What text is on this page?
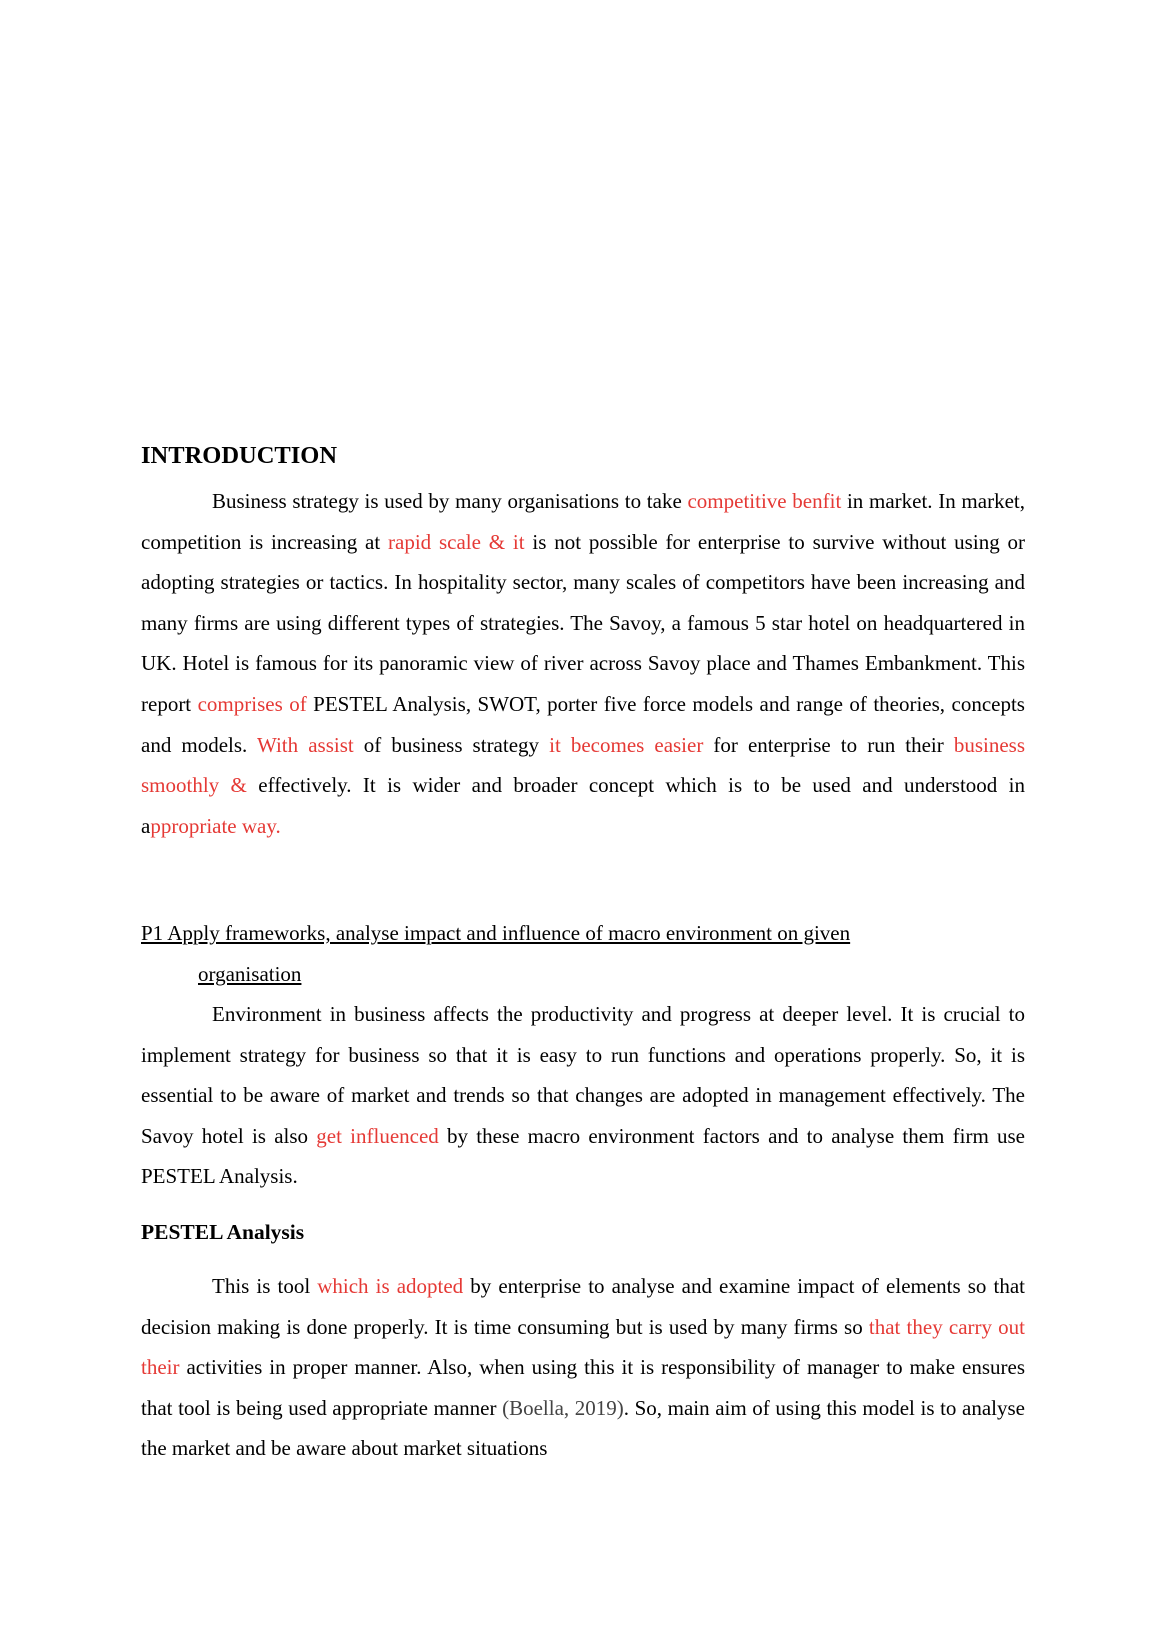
INTRODUCTION

Business strategy is used by many organisations to take competitive benfit in market. In market, competition is increasing at rapid scale & it is not possible for enterprise to survive without using or adopting strategies or tactics. In hospitality sector, many scales of competitors have been increasing and many firms are using different types of strategies. The Savoy, a famous 5 star hotel on headquartered in UK. Hotel is famous for its panoramic view of river across Savoy place and Thames Embankment. This report comprises of PESTEL Analysis, SWOT, porter five force models and range of theories, concepts and models. With assist of business strategy it becomes easier for enterprise to run their business smoothly & effectively. It is wider and broader concept which is to be used and understood in appropriate way.

P1 Apply frameworks, analyse impact and influence of macro environment on given
organisation

Environment in business affects the productivity and progress at deeper level. It is crucial to implement strategy for business so that it is easy to run functions and operations properly. So, it is essential to be aware of market and trends so that changes are adopted in management effectively. The Savoy hotel is also get influenced by these macro environment factors and to analyse them firm use PESTEL Analysis.

PESTEL Analysis

This is tool which is adopted by enterprise to analyse and examine impact of elements so that decision making is done properly. It is time consuming but is used by many firms so that they carry out their activities in proper manner. Also, when using this it is responsibility of manager to make ensures that tool is being used appropriate manner (Boella, 2019). So, main aim of using this model is to analyse the market and be aware about market situations
